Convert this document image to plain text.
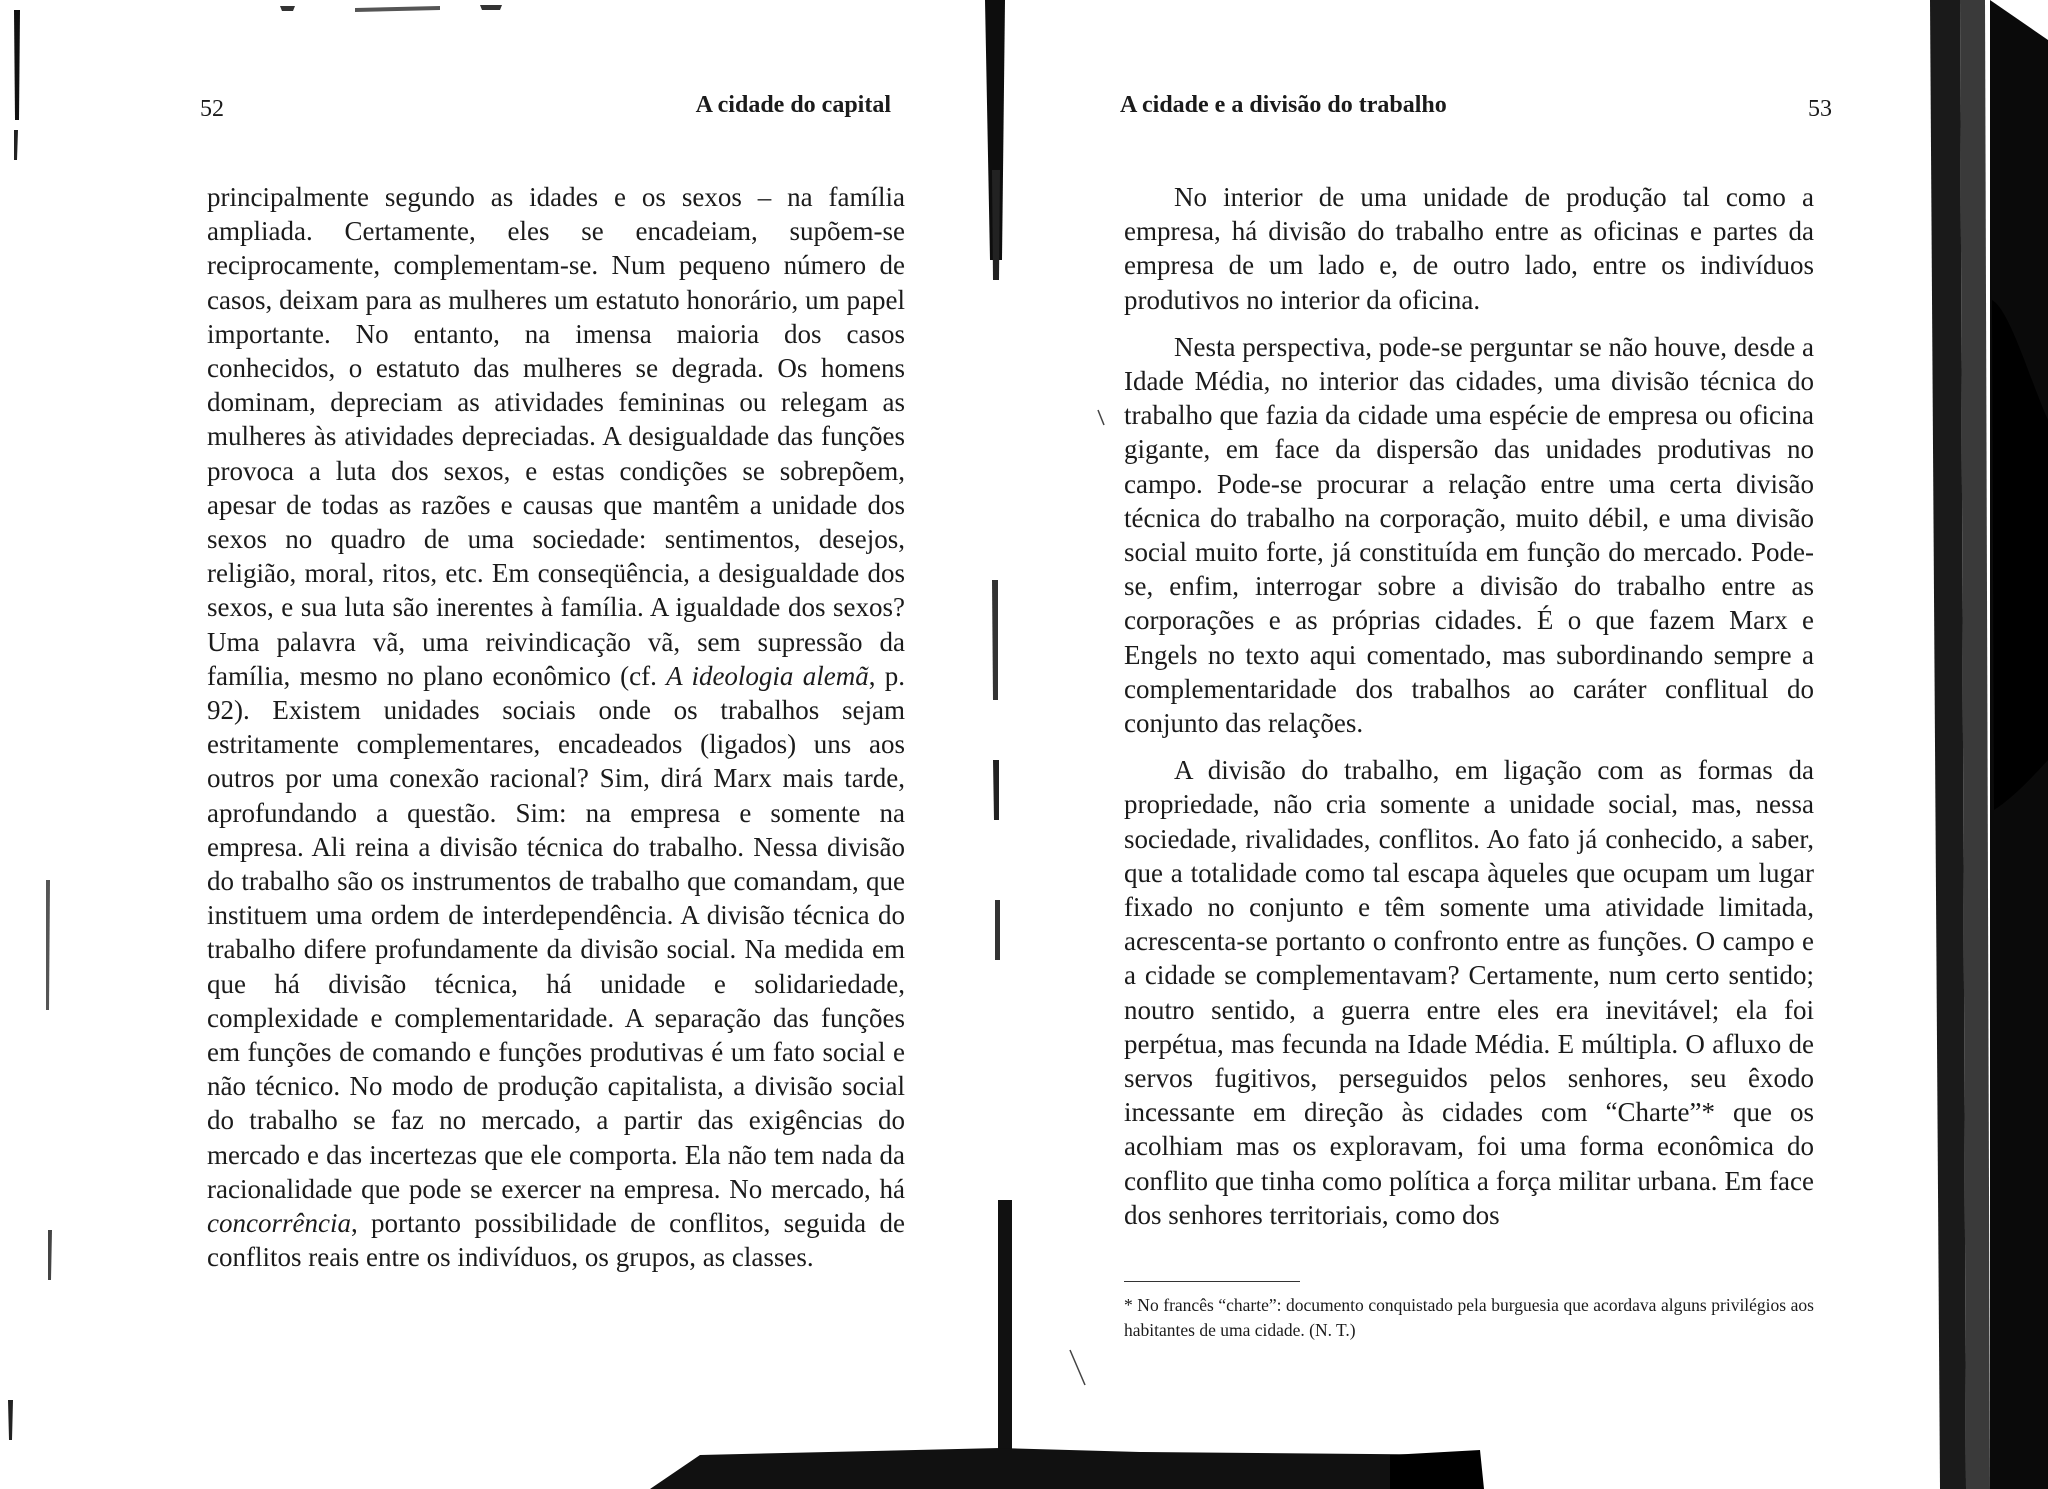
52	A cidade do capital

principalmente segundo as idades e os sexos – na família ampliada. Certamente, eles se encadeiam, supõem-se reciprocamente, complementam-se. Num pequeno número de casos, deixam para as mulheres um estatuto honorário, um papel importante. No entanto, na imensa maioria dos casos conhecidos, o estatuto das mulheres se degrada. Os homens dominam, depreciam as atividades femininas ou relegam as mulheres às atividades depreciadas. A desigualdade das funções provoca a luta dos sexos, e estas condições se sobrepõem, apesar de todas as razões e causas que mantêm a unidade dos sexos no quadro de uma sociedade: sentimentos, desejos, religião, moral, ritos, etc. Em conseqüência, a desigualdade dos sexos, e sua luta são inerentes à família. A igualdade dos sexos? Uma palavra vã, uma reivindicação vã, sem supressão da família, mesmo no plano econômico (cf. A ideologia alemã, p. 92). Existem unidades sociais onde os trabalhos sejam estritamente complementares, encadeados (ligados) uns aos outros por uma conexão racional? Sim, dirá Marx mais tarde, aprofundando a questão. Sim: na empresa e somente na empresa. Ali reina a divisão técnica do trabalho. Nessa divisão do trabalho são os instrumentos de trabalho que comandam, que instituem uma ordem de interdependência. A divisão técnica do trabalho difere profundamente da divisão social. Na medida em que há divisão técnica, há unidade e solidariedade, complexidade e complementaridade. A separação das funções em funções de comando e funções produtivas é um fato social e não técnico. No modo de produção capitalista, a divisão social do trabalho se faz no mercado, a partir das exigências do mercado e das incertezas que ele comporta. Ela não tem nada da racionalidade que pode se exercer na empresa. No mercado, há concorrência, portanto possibilidade de conflitos, seguida de conflitos reais entre os indivíduos, os grupos, as classes.

A cidade e a divisão do trabalho	53

No interior de uma unidade de produção tal como a empresa, há divisão do trabalho entre as oficinas e partes da empresa de um lado e, de outro lado, entre os indivíduos produtivos no interior da oficina.

Nesta perspectiva, pode-se perguntar se não houve, desde a Idade Média, no interior das cidades, uma divisão técnica do trabalho que fazia da cidade uma espécie de empresa ou oficina gigante, em face da dispersão das unidades produtivas no campo. Pode-se procurar a relação entre uma certa divisão técnica do trabalho na corporação, muito débil, e uma divisão social muito forte, já constituída em função do mercado. Pode-se, enfim, interrogar sobre a divisão do trabalho entre as corporações e as próprias cidades. É o que fazem Marx e Engels no texto aqui comentado, mas subordinando sempre a complementaridade dos trabalhos ao caráter conflitual do conjunto das relações.

A divisão do trabalho, em ligação com as formas da propriedade, não cria somente a unidade social, mas, nessa sociedade, rivalidades, conflitos. Ao fato já conhecido, a saber, que a totalidade como tal escapa àqueles que ocupam um lugar fixado no conjunto e têm somente uma atividade limitada, acrescenta-se portanto o confronto entre as funções. O campo e a cidade se complementavam? Certamente, num certo sentido; noutro sentido, a guerra entre eles era inevitável; ela foi perpétua, mas fecunda na Idade Média. E múltipla. O afluxo de servos fugitivos, perseguidos pelos senhores, seu êxodo incessante em direção às cidades com “Charte”* que os acolhiam mas os exploravam, foi uma forma econômica do conflito que tinha como política a força militar urbana. Em face dos senhores territoriais, como dos

* No francês “charte”: documento conquistado pela burguesia que acordava alguns privilégios aos habitantes de uma cidade. (N. T.)
